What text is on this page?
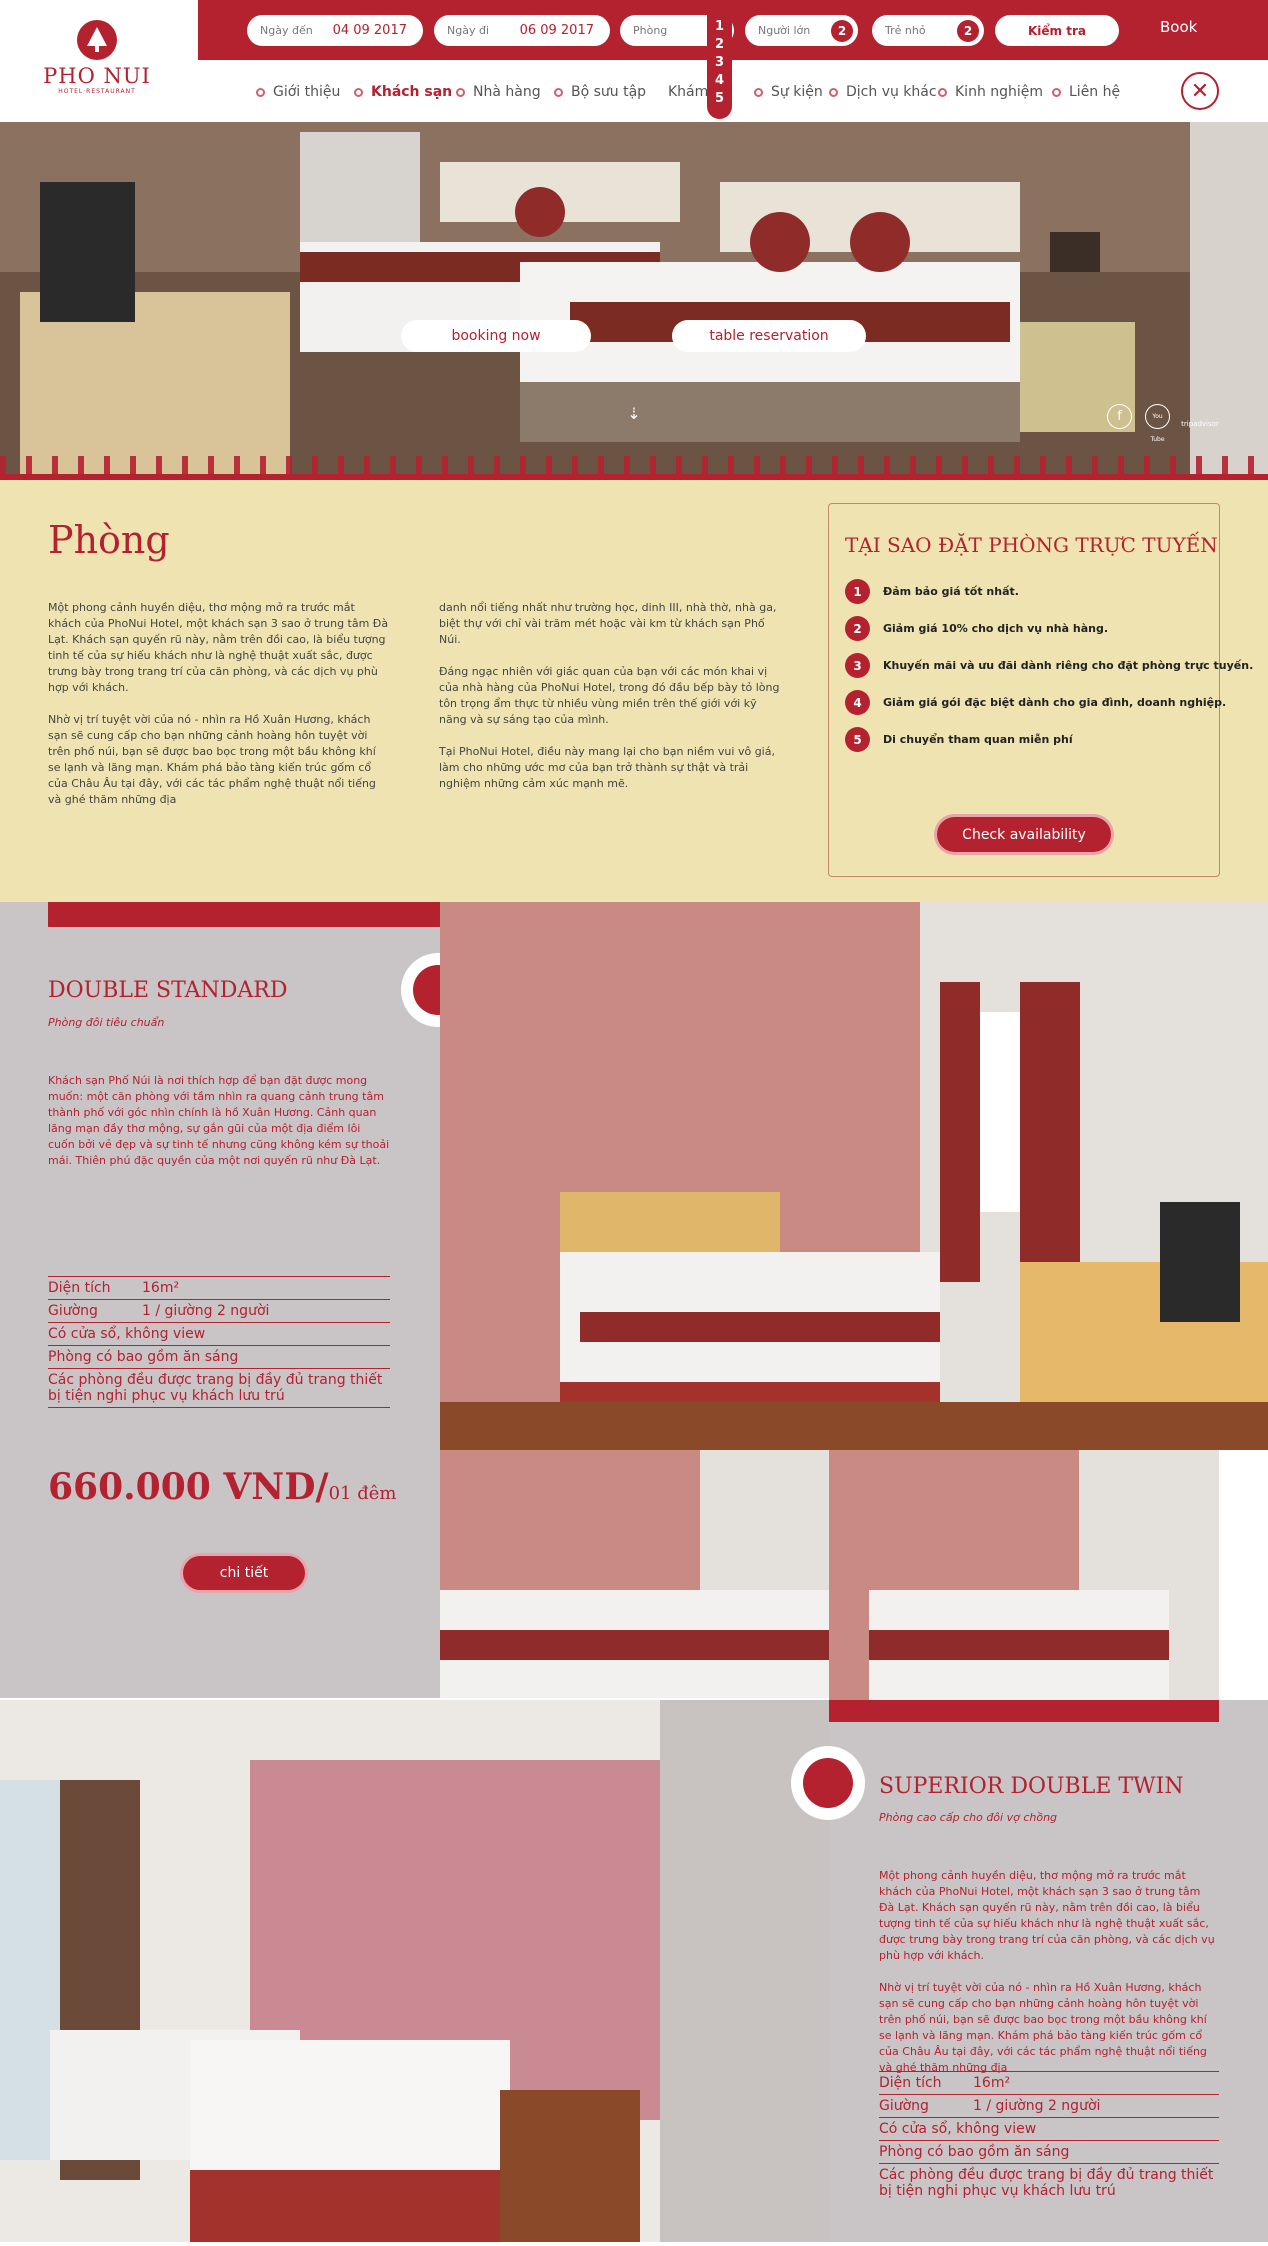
PHO NUI
HOTEL·RESTAURANT
Ngày đến 04 09 2017	Ngày đi 06 09 2017	Phòng	1
2
3
4
5
Người lớn	2	Trẻ nhỏ	2	Kiểm tra	Book
Giới thiệu Khách sạn Nhà hàng Bộ sưu tập Khám	Sự kiện Dịch vụ khác Kinh nghiệm Liên hệ	✕
booking now	table reservation
⇣	f	You Tube
tripadvisor
Phòng

Một phong cảnh huyền diệu, thơ mộng mở ra trước mắt khách của PhoNui Hotel, một khách sạn 3 sao ở trung tâm Đà Lạt. Khách sạn quyến rũ này, nằm trên đồi cao, là biểu tượng tinh tế của sự hiếu khách như là nghệ thuật xuất sắc, được trưng bày trong trang trí của căn phòng, và các dịch vụ phù hợp với khách.

Nhờ vị trí tuyệt vời của nó - nhìn ra Hồ Xuân Hương, khách sạn sẽ cung cấp cho bạn những cảnh hoàng hôn tuyệt vời trên phố núi, bạn sẽ được bao bọc trong một bầu không khí se lạnh và lãng mạn. Khám phá bảo tàng kiến trúc gốm cổ của Châu Âu tại đây, với các tác phẩm nghệ thuật nổi tiếng và ghé thăm những địa

danh nổi tiếng nhất như trường học, dinh III, nhà thờ, nhà ga, biệt thự với chỉ vài trăm mét hoặc vài km từ khách sạn Phố Núi.

Đáng ngạc nhiên với giác quan của bạn với các món khai vị của nhà hàng của PhoNui Hotel, trong đó đầu bếp bày tỏ lòng tôn trọng ẩm thực từ nhiều vùng miền trên thế giới với kỹ năng và sự sáng tạo của mình.

Tại PhoNui Hotel, điều này mang lại cho bạn niềm vui vô giá, làm cho những ước mơ của bạn trở thành sự thật và trải nghiệm những cảm xúc mạnh mẽ.

TẠI SAO ĐẶT PHÒNG TRỰC TUYẾN
1	Đảm bảo giá tốt nhất.
2	Giảm giá 10% cho dịch vụ nhà hàng.
3	Khuyến mãi và ưu đãi dành riêng cho đặt phòng trực tuyến.
4	Giảm giá gói đặc biệt dành cho gia đình, doanh nghiệp.
5	Di chuyển tham quan miễn phí
Check availability
DOUBLE STANDARD
Phòng đôi tiêu chuẩn
Khách sạn Phố Núi là nơi thích hợp để bạn đặt được mong muốn: một căn phòng với tầm nhìn ra quang cảnh trung tâm thành phố với góc nhìn chính là hồ Xuân Hương. Cảnh quan lãng mạn đầy thơ mộng, sự gắn gũi của một địa điểm lôi cuốn bởi vẻ đẹp và sự tinh tế nhưng cũng không kém sự thoải mái. Thiên phú đặc quyền của một nơi quyến rũ như Đà Lạt.
Diện tích	16m²
Giường	1 / giường 2 người
Có cửa sổ, không view
Phòng có bao gồm ăn sáng
Các phòng đều được trang bị đầy đủ trang thiết bị tiện nghi phục vụ khách lưu trú
660.000 VND/01 đêm
chi tiết
SUPERIOR DOUBLE TWIN
Phòng cao cấp cho đôi vợ chồng

Một phong cảnh huyền diệu, thơ mộng mở ra trước mắt khách của PhoNui Hotel, một khách sạn 3 sao ở trung tâm Đà Lạt. Khách sạn quyến rũ này, nằm trên đồi cao, là biểu tượng tinh tế của sự hiếu khách như là nghệ thuật xuất sắc, được trưng bày trong trang trí của căn phòng, và các dịch vụ phù hợp với khách.

Nhờ vị trí tuyệt vời của nó - nhìn ra Hồ Xuân Hương, khách sạn sẽ cung cấp cho bạn những cảnh hoàng hôn tuyệt vời trên phố núi, bạn sẽ được bao bọc trong một bầu không khí se lạnh và lãng mạn. Khám phá bảo tàng kiến trúc gốm cổ của Châu Âu tại đây, với các tác phẩm nghệ thuật nổi tiếng và ghé thăm những địa

Diện tích	16m²
Giường	1 / giường 2 người
Có cửa sổ, không view
Phòng có bao gồm ăn sáng
Các phòng đều được trang bị đầy đủ trang thiết bị tiện nghi phục vụ khách lưu trú
